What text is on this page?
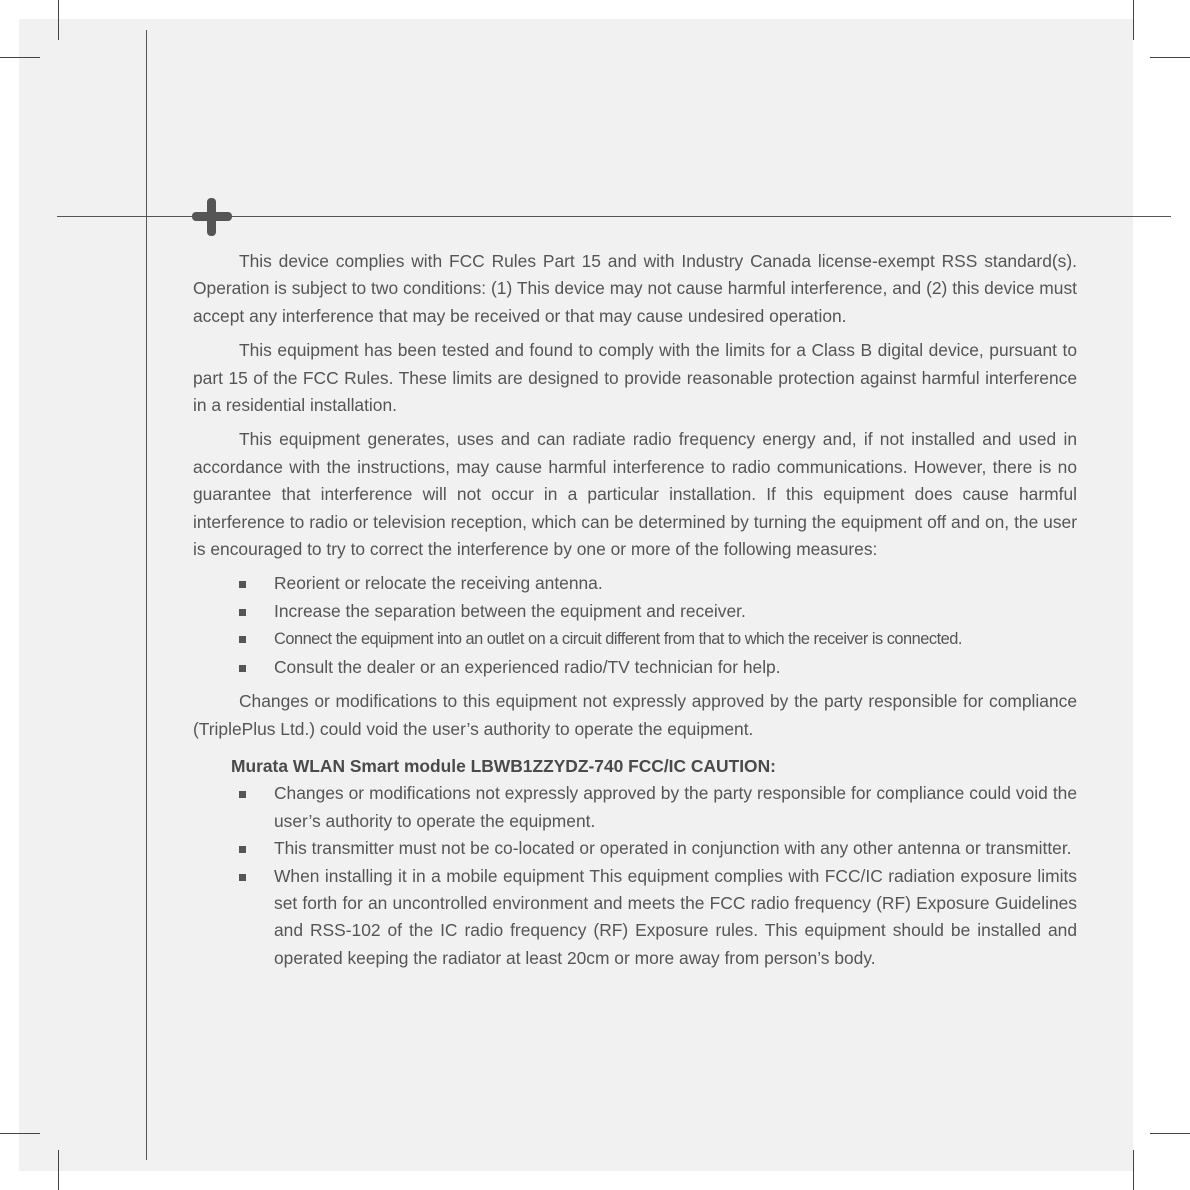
This device complies with FCC Rules Part 15 and with Industry Canada license-exempt RSS standard(s). Operation is subject to two conditions: (1) This device may not cause harmful interference, and (2) this device must accept any interference that may be received or that may cause undesired operation.

This equipment has been tested and found to comply with the limits for a Class B digital device, pursuant to part 15 of the FCC Rules. These limits are designed to provide reasonable protection against harmful interference in a residential installation.

This equipment generates, uses and can radiate radio frequency energy and, if not installed and used in accordance with the instructions, may cause harmful interference to radio communications. However, there is no guarantee that interference will not occur in a particular installation. If this equipment does cause harmful interference to radio or television reception, which can be determined by turning the equipment off and on, the user is encouraged to try to correct the interference by one or more of the following measures:

Reorient or relocate the receiving antenna.
Increase the separation between the equipment and receiver.
Connect the equipment into an outlet on a circuit different from that to which the receiver is connected.
Consult the dealer or an experienced radio/TV technician for help.

Changes or modifications to this equipment not expressly approved by the party responsible for compliance (TriplePlus Ltd.) could void the user’s authority to operate the equipment.

Murata WLAN Smart module LBWB1ZZYDZ-740 FCC/IC CAUTION:
Changes or modifications not expressly approved by the party responsible for compliance could void the user’s authority to operate the equipment.
This transmitter must not be co-located or operated in conjunction with any other antenna or transmitter.
When installing it in a mobile equipment This equipment complies with FCC/IC radiation exposure limits set forth for an uncontrolled environment and meets the FCC radio frequency (RF) Exposure Guidelines and RSS-102 of the IC radio frequency (RF) Exposure rules. This equipment should be installed and operated keeping the radiator at least 20cm or more away from person’s body.
